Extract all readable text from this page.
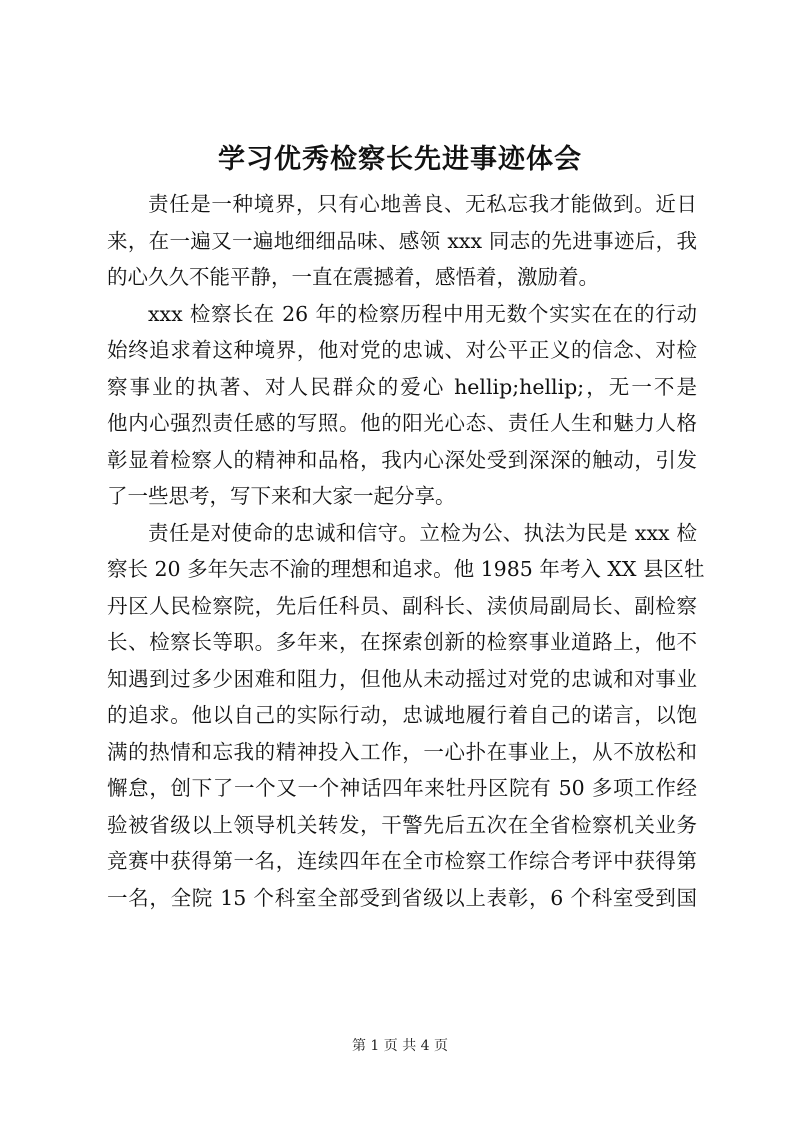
学习优秀检察长先进事迹体会
责任是一种境界，只有心地善良、无私忘我才能做到。近日
来，在一遍又一遍地细细品味、感领 xxx 同志的先进事迹后，我
的心久久不能平静，一直在震撼着，感悟着，激励着。
xxx 检察长在 26 年的检察历程中用无数个实实在在的行动
始终追求着这种境界，他对党的忠诚、对公平正义的信念、对检
察事业的执著、对人民群众的爱心 hellip;hellip;，无一不是
他内心强烈责任感的写照。他的阳光心态、责任人生和魅力人格
彰显着检察人的精神和品格，我内心深处受到深深的触动，引发
了一些思考，写下来和大家一起分享。
责任是对使命的忠诚和信守。立检为公、执法为民是 xxx 检
察长 20 多年矢志不渝的理想和追求。他 1985 年考入 XX 县区牡
丹区人民检察院，先后任科员、副科长、渎侦局副局长、副检察
长、检察长等职。多年来，在探索创新的检察事业道路上，他不
知遇到过多少困难和阻力，但他从未动摇过对党的忠诚和对事业
的追求。他以自己的实际行动，忠诚地履行着自己的诺言，以饱
满的热情和忘我的精神投入工作，一心扑在事业上，从不放松和
懈怠，创下了一个又一个神话四年来牡丹区院有 50 多项工作经
验被省级以上领导机关转发，干警先后五次在全省检察机关业务
竞赛中获得第一名，连续四年在全市检察工作综合考评中获得第
一名，全院 15 个科室全部受到省级以上表彰，6 个科室受到国
第 1 页 共 4 页
